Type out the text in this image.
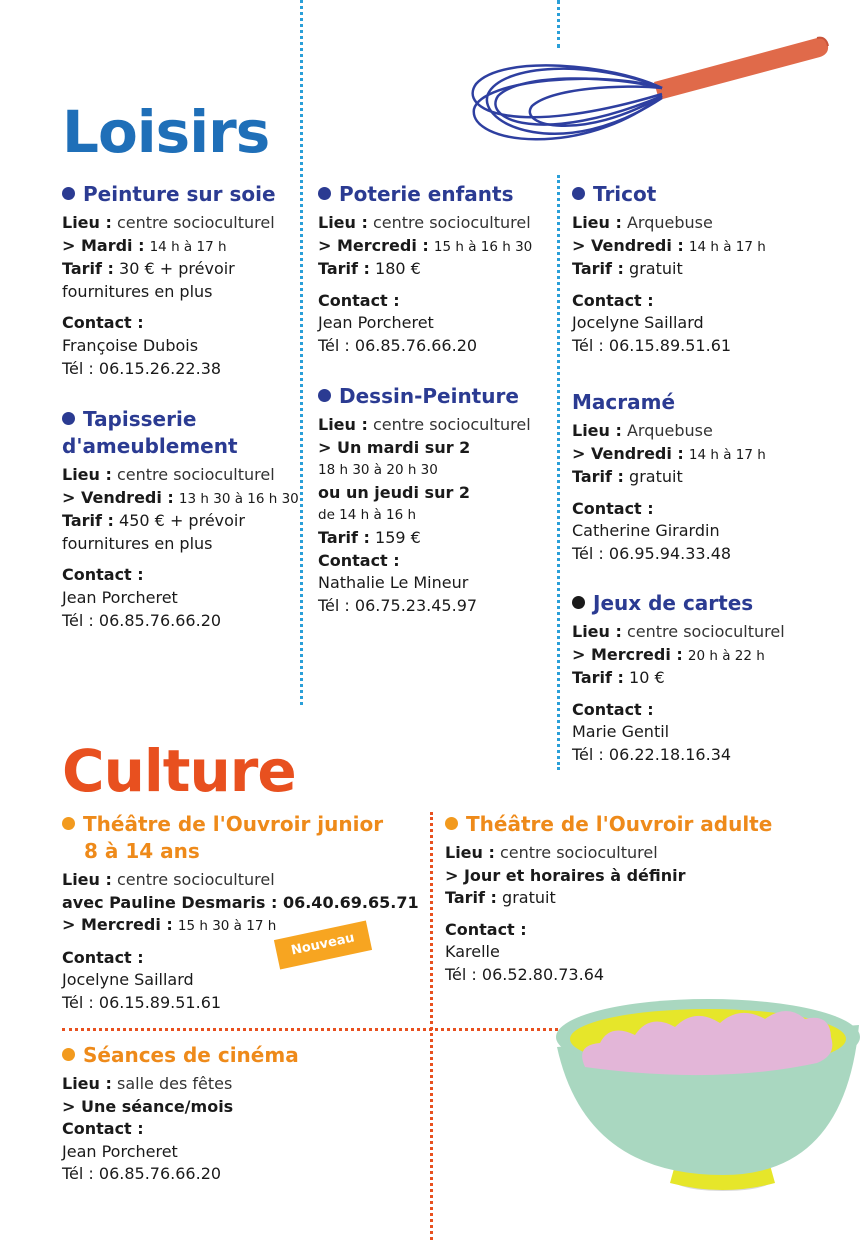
Loisirs
Culture

Peinture sur soie

Lieu : centre socioculturel

> Mardi : 14 h à 17 h

Tarif : 30 € + prévoir

fournitures en plus

Contact :

Françoise Dubois

Tél : 06.15.26.22.38

Tapisserie

d'ameublement

Lieu : centre socioculturel

> Vendredi : 13 h 30 à 16 h 30

Tarif : 450 € + prévoir

fournitures en plus

Contact :

Jean Porcheret

Tél : 06.85.76.66.20

Poterie enfants

Lieu : centre socioculturel

> Mercredi : 15 h à 16 h 30

Tarif : 180 €

Contact :

Jean Porcheret

Tél : 06.85.76.66.20

Dessin-Peinture

Lieu : centre socioculturel

> Un mardi sur 2

18 h 30 à 20 h 30

ou un jeudi sur 2

de 14 h à 16 h

Tarif : 159 €

Contact :

Nathalie Le Mineur

Tél : 06.75.23.45.97

Tricot

Lieu : Arquebuse

> Vendredi : 14 h à 17 h

Tarif : gratuit

Contact :

Jocelyne Saillard

Tél : 06.15.89.51.61

Macramé

Lieu : Arquebuse

> Vendredi : 14 h à 17 h

Tarif : gratuit

Contact :

Catherine Girardin

Tél : 06.95.94.33.48

Jeux de cartes

Lieu : centre socioculturel

> Mercredi : 20 h à 22 h

Tarif : 10 €

Contact :

Marie Gentil

Tél : 06.22.18.16.34

Théâtre de l'Ouvroir junior

8 à 14 ans

Lieu : centre socioculturel

avec Pauline Desmaris : 06.40.69.65.71

> Mercredi : 15 h 30 à 17 h

Contact :

Jocelyne Saillard

Tél : 06.15.89.51.61

Nouveau

Théâtre de l'Ouvroir adulte

Lieu : centre socioculturel

> Jour et horaires à définir

Tarif : gratuit

Contact :

Karelle

Tél : 06.52.80.73.64

Séances de cinéma

Lieu : salle des fêtes

> Une séance/mois

Contact :

Jean Porcheret

Tél : 06.85.76.66.20
